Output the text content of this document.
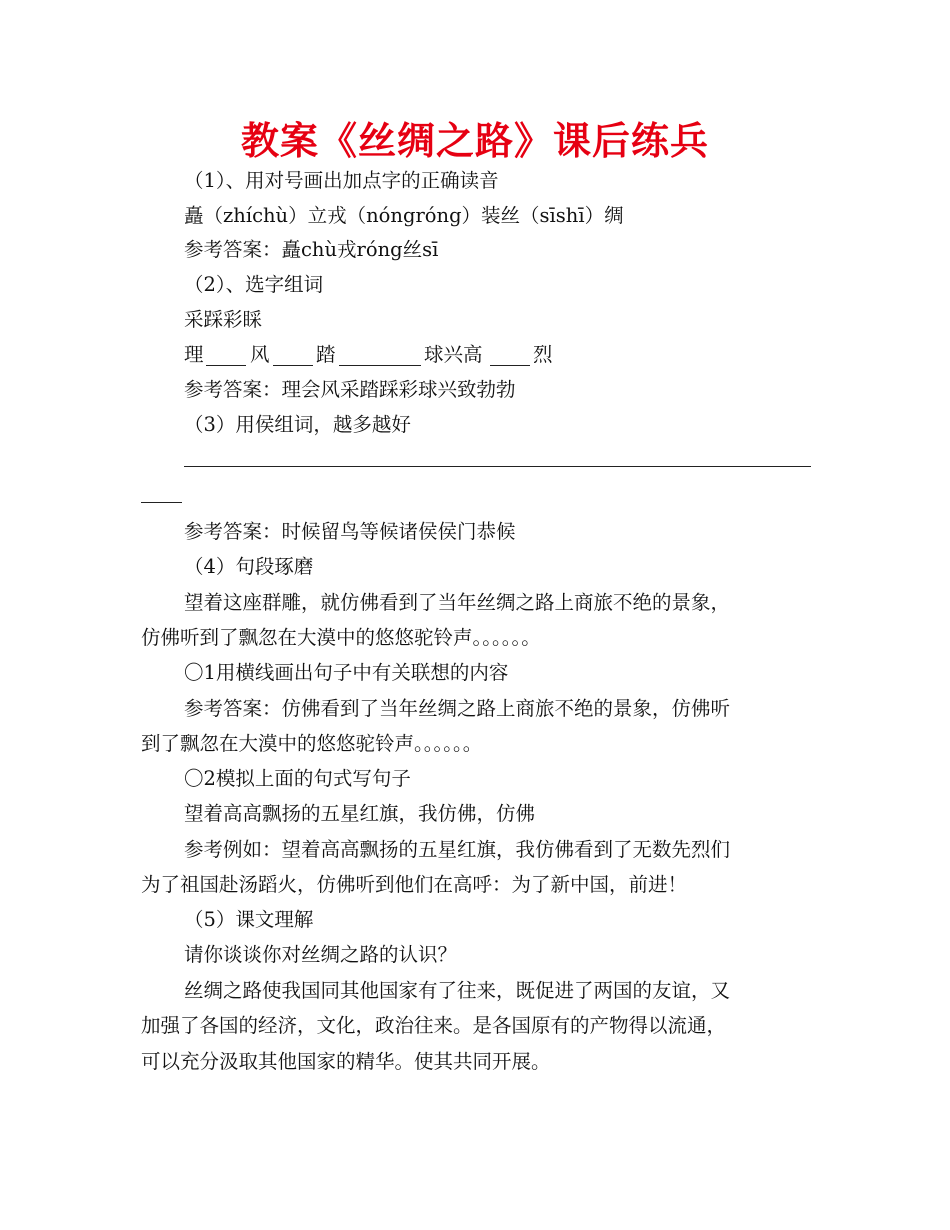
教案《丝绸之路》课后练兵
（1）、用对号画出加点字的正确读音
矗（zhíchù）立戎（nóngróng）装丝（sīshī）绸
参考答案：矗chù戎róng丝sī
（2）、选字组词
采踩彩睬
理 风 踏	球兴高	烈
参考答案：理会风采踏踩彩球兴致勃勃
（3）用侯组词，越多越好
参考答案：时候留鸟等候诸侯侯门恭候
（4）句段琢磨
望着这座群雕，就仿佛看到了当年丝绸之路上商旅不绝的景象，
仿佛听到了飘忽在大漠中的悠悠驼铃声。。。。。。
〇1用横线画出句子中有关联想的内容
参考答案：仿佛看到了当年丝绸之路上商旅不绝的景象，仿佛听
到了飘忽在大漠中的悠悠驼铃声。。。。。。
〇2模拟上面的句式写句子
望着高高飘扬的五星红旗，我仿佛，仿佛
参考例如：望着高高飘扬的五星红旗，我仿佛看到了无数先烈们
为了祖国赴汤蹈火，仿佛听到他们在高呼：为了新中国，前进！
（5）课文理解
请你谈谈你对丝绸之路的认识？
丝绸之路使我国同其他国家有了往来，既促进了两国的友谊，又
加强了各国的经济，文化，政治往来。是各国原有的产物得以流通，
可以充分汲取其他国家的精华。使其共同开展。
